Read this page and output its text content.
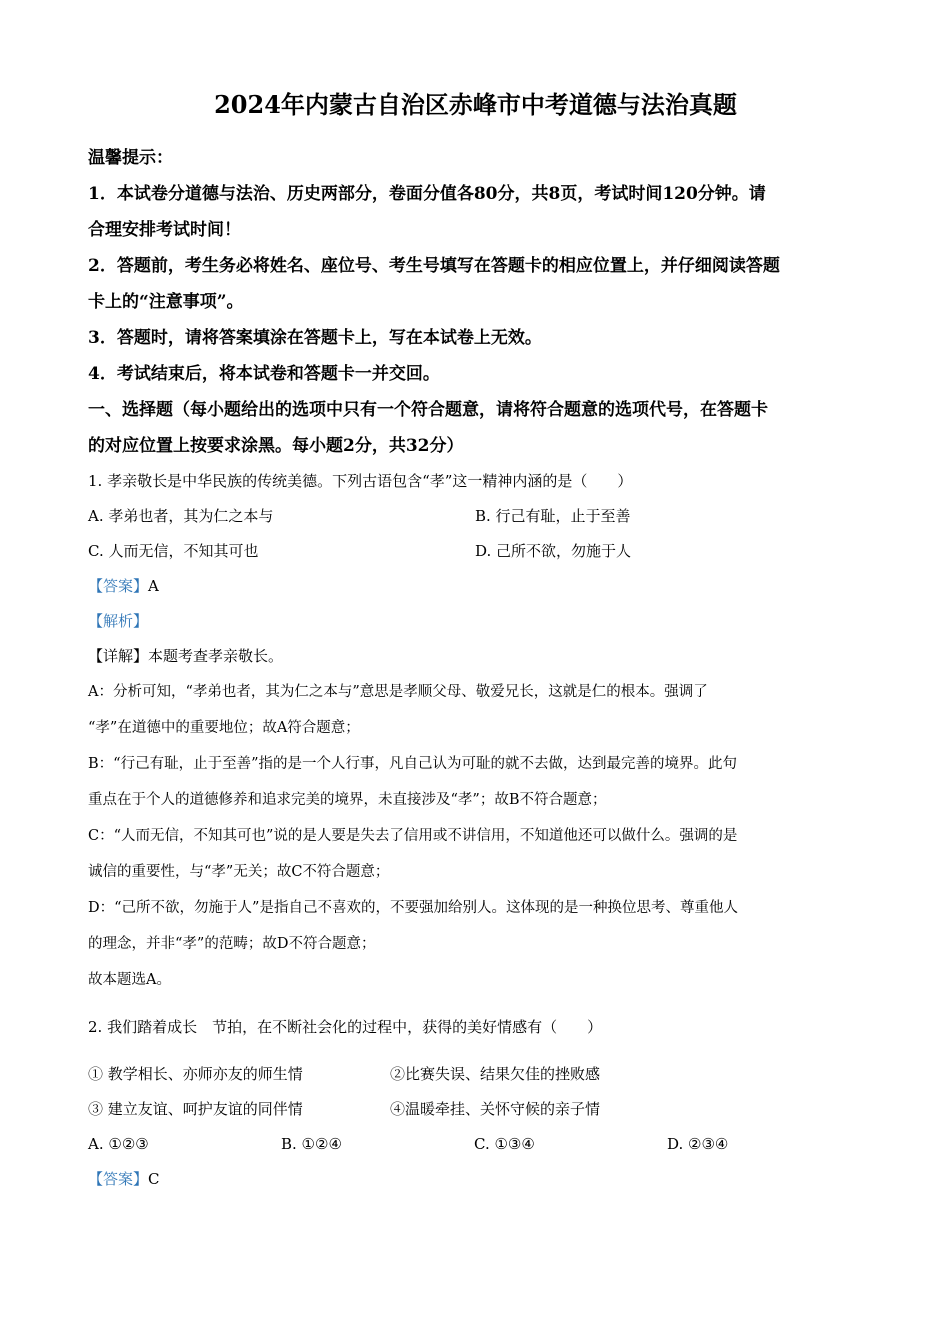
2024年内蒙古自治区赤峰市中考道德与法治真题
温馨提示：
1．本试卷分道德与法治、历史两部分，卷面分值各80分，共8页，考试时间120分钟。请
合理安排考试时间！
2．答题前，考生务必将姓名、座位号、考生号填写在答题卡的相应位置上，并仔细阅读答题
卡上的“注意事项”。
3．答题时，请将答案填涂在答题卡上，写在本试卷上无效。
4．考试结束后，将本试卷和答题卡一并交回。
一、选择题（每小题给出的选项中只有一个符合题意，请将符合题意的选项代号，在答题卡
的对应位置上按要求涂黑。每小题2分，共32分）
1. 孝亲敬长是中华民族的传统美德。下列古语包含“孝”这一精神内涵的是（　　）
A. 孝弟也者，其为仁之本与	B. 行己有耻，止于至善
C. 人而无信，不知其可也	D. 己所不欲，勿施于人
【答案】A
【解析】
【详解】本题考查孝亲敬长。
A：分析可知，“孝弟也者，其为仁之本与”意思是孝顺父母、敬爱兄长，这就是仁的根本。强调了
“孝”在道德中的重要地位；故A符合题意；
B：“行己有耻，止于至善”指的是一个人行事，凡自己认为可耻的就不去做，达到最完善的境界。此句
重点在于个人的道德修养和追求完美的境界，未直接涉及“孝”；故B不符合题意；
C：“人而无信，不知其可也”说的是人要是失去了信用或不讲信用，不知道他还可以做什么。强调的是
诚信的重要性，与“孝”无关；故C不符合题意；
D：“己所不欲，勿施于人”是指自己不喜欢的，不要强加给别人。这体现的是一种换位思考、尊重他人
的理念，并非“孝”的范畴；故D不符合题意；
故本题选A。
2. 我们踏着成长　节拍，在不断社会化的过程中，获得的美好情感有（　　）
① 教学相长、亦师亦友的师生情	②比赛失误、结果欠佳的挫败感
③ 建立友谊、呵护友谊的同伴情	④温暖牵挂、关怀守候的亲子情
A. ①②③	B. ①②④	C. ①③④	D. ②③④
【答案】C
